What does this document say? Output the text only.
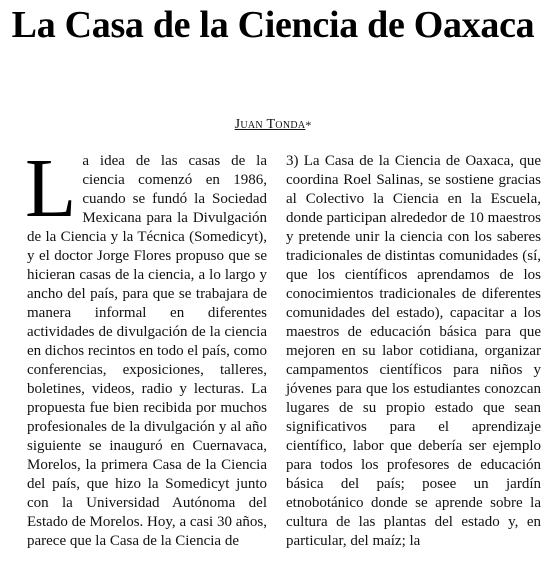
La Casa de la Ciencia de Oaxaca
Juan Tonda*
L a idea de las casas de la ciencia comenzó en 1986, cuando se fundó la Sociedad Mexicana para la Divulgación de la Ciencia y la Técnica (Somedicyt), y el doctor Jorge Flores propuso que se hicieran casas de la ciencia, a lo largo y ancho del país, para que se trabajara de manera informal en diferentes actividades de divulgación de la ciencia en dichos recintos en todo el país, como conferencias, exposiciones, talleres, boletines, videos, radio y lecturas. La propuesta fue bien recibida por muchos profesionales de la divulgación y al año siguiente se inauguró en Cuernavaca, Morelos, la primera Casa de la Ciencia del país, que hizo la Somedicyt junto con la Universidad Autónoma del Estado de Morelos. Hoy, a casi 30 años, parece que la Casa de la Ciencia de

3) La Casa de la Ciencia de Oaxaca, que coordina Roel Salinas, se sostiene gracias al Colectivo la Ciencia en la Escuela, donde participan alrededor de 10 maestros y pretende unir la ciencia con los saberes tradicionales de distintas comunidades (sí, que los científicos aprendamos de los conocimientos tradicionales de diferentes comunidades del estado), capacitar a los maestros de educación básica para que mejoren en su labor cotidiana, organizar campamentos científicos para niños y jóvenes para que los estudiantes conozcan lugares de su propio estado que sean significativos para el aprendizaje científico, labor que debería ser ejemplo para todos los profesores de educación básica del país; posee un jardín etnobotánico donde se aprende sobre la cultura de las plantas del estado y, en particular, del maíz; la
